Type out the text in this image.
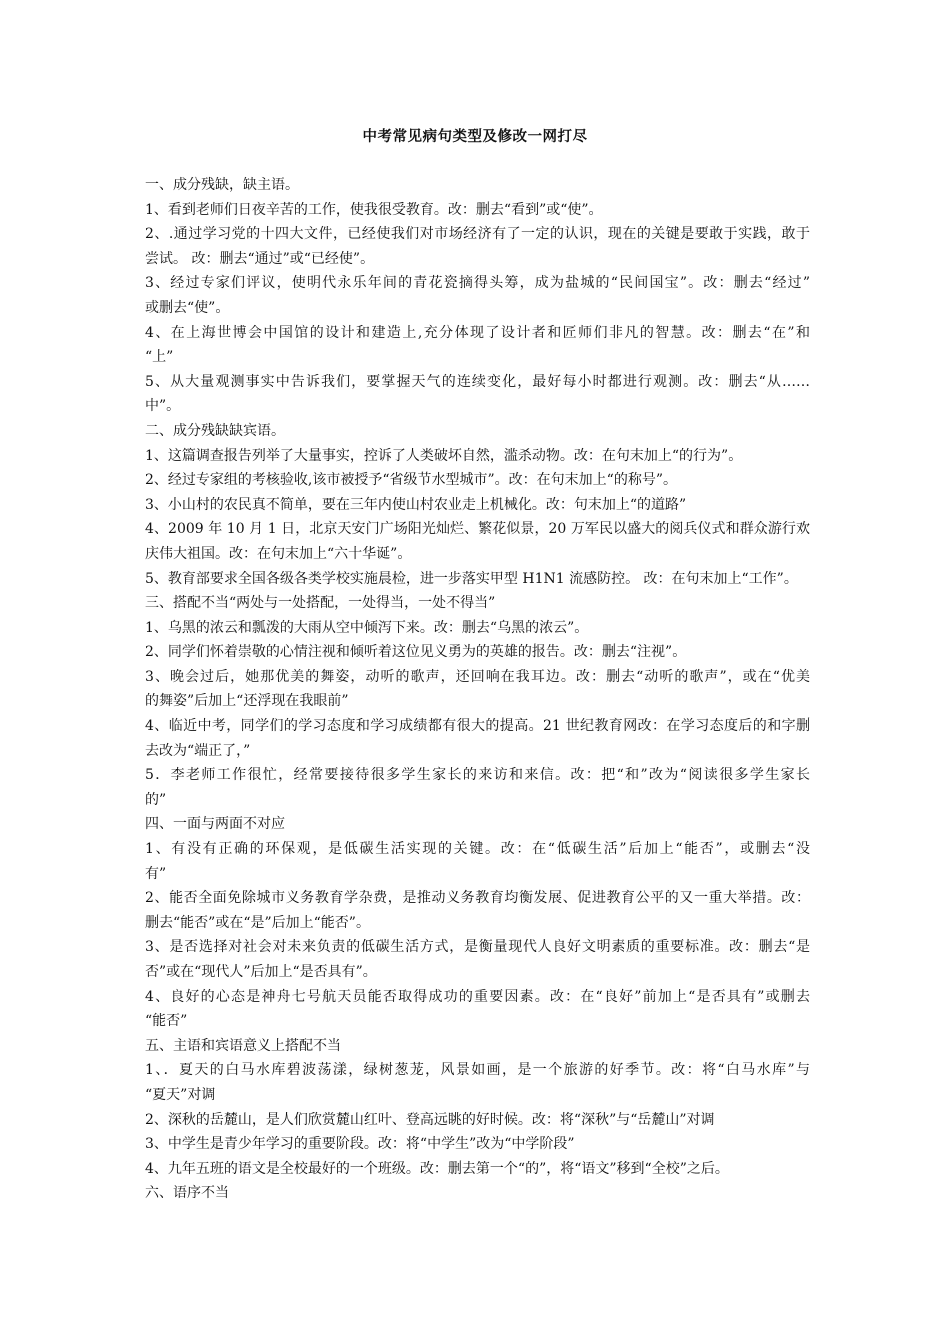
中考常见病句类型及修改一网打尽
一、成分残缺，缺主语。
1、看到老师们日夜辛苦的工作，使我很受教育。改：删去“看到”或“使”。
2、.通过学习党的十四大文件，已经使我们对市场经济有了一定的认识，现在的关键是要敢于实践，敢于
尝试。 改：删去“通过”或“已经使”。
3、经过专家们评议，使明代永乐年间的青花瓷摘得头筹，成为盐城的“民间国宝”。改：删去“经过”
或删去“使”。
4、在上海世博会中国馆的设计和建造上,充分体现了设计者和匠师们非凡的智慧。改：删去“在”和
“上”
5、从大量观测事实中告诉我们，要掌握天气的连续变化，最好每小时都进行观测。改：删去“从……
中”。
二、成分残缺缺宾语。
1、这篇调查报告列举了大量事实，控诉了人类破坏自然，滥杀动物。改：在句末加上“的行为”。
2、经过专家组的考核验收,该市被授予“省级节水型城市”。改：在句末加上“的称号”。
3、小山村的农民真不简单，要在三年内使山村农业走上机械化。改：句末加上“的道路”
4、2009 年 10 月 1 日，北京天安门广场阳光灿烂、繁花似景，20 万军民以盛大的阅兵仪式和群众游行欢
庆伟大祖国。改：在句末加上“六十华诞”。
5、教育部要求全国各级各类学校实施晨检，进一步落实甲型 H1N1 流感防控。 改：在句末加上“工作”。
三、搭配不当“两处与一处搭配，一处得当，一处不得当”
1、乌黑的浓云和瓢泼的大雨从空中倾泻下来。改：删去“乌黑的浓云”。
2、同学们怀着崇敬的心情注视和倾听着这位见义勇为的英雄的报告。改：删去“注视”。
3、晚会过后，她那优美的舞姿，动听的歌声，还回响在我耳边。改：删去“动听的歌声”，或在“优美
的舞姿”后加上“还浮现在我眼前”
4、临近中考，同学们的学习态度和学习成绩都有很大的提高。21 世纪教育网改：在学习态度后的和字删
去改为“端正了，”
5．李老师工作很忙，经常要接待很多学生家长的来访和来信。改：把“和”改为“阅读很多学生家长
的”
四、一面与两面不对应
1、有没有正确的环保观，是低碳生活实现的关键。改：在“低碳生活”后加上“能否”，或删去“没
有”
2、能否全面免除城市义务教育学杂费，是推动义务教育均衡发展、促进教育公平的又一重大举措。改：
删去“能否”或在“是”后加上“能否”。
3、是否选择对社会对未来负责的低碳生活方式，是衡量现代人良好文明素质的重要标准。改：删去“是
否”或在“现代人”后加上“是否具有”。
4、良好的心态是神舟七号航天员能否取得成功的重要因素。改：在“良好”前加上“是否具有”或删去
“能否”
五、主语和宾语意义上搭配不当
1、．夏天的白马水库碧波荡漾，绿树葱茏，风景如画，是一个旅游的好季节。改：将“白马水库”与
“夏天”对调
2、深秋的岳麓山，是人们欣赏麓山红叶、登高远眺的好时候。改：将“深秋”与“岳麓山”对调
3、中学生是青少年学习的重要阶段。改：将“中学生”改为“中学阶段”
4、九年五班的语文是全校最好的一个班级。改：删去第一个“的”，将“语文”移到“全校”之后。
六、语序不当
